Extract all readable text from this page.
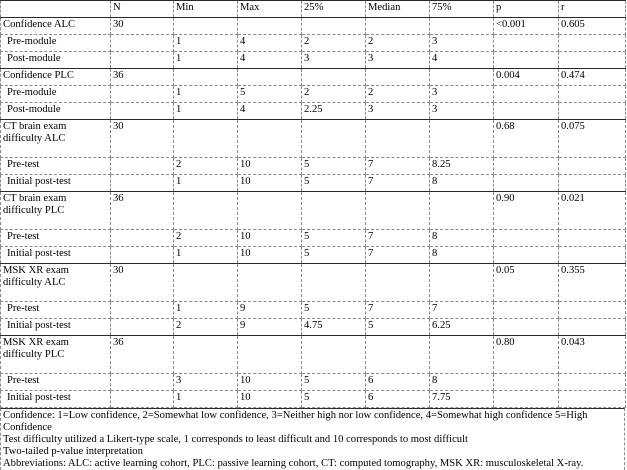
	N	Min	Max	25%	Median	75%	p	r
Confidence ALC	30						<0.001	0.605
Pre-module		1	4	2	2	3		
Post-module		1	4	3	3	4		
Confidence PLC	36						0.004	0.474
Pre-module		1	5	2	2	3		
Post-module		1	4	2.25	3	3		
CT brain exam difficulty ALC	30						0.68	0.075
Pre-test		2	10	5	7	8.25		
Initial post-test		1	10	5	7	8		
CT brain exam difficulty PLC	36						0.90	0.021
Pre-test		2	10	5	7	8		
Initial post-test		1	10	5	7	8		
MSK XR exam difficulty ALC	30						0.05	0.355
Pre-test		1	9	5	7	7		
Initial post-test		2	9	4.75	5	6.25		
MSK XR exam difficulty PLC	36						0.80	0.043
Pre-test		3	10	5	6	8		
Initial post-test		1	10	5	6	7.75		

Confidence: 1=Low confidence, 2=Somewhat low confidence, 3=Neither high nor low confidence, 4=Somewhat high confidence 5=High Confidence

Test difficulty utilized a Likert-type scale, 1 corresponds to least difficult and 10 corresponds to most difficult

Two-tailed p-value interpretation

Abbreviations: ALC: active learning cohort, PLC: passive learning cohort, CT: computed tomography, MSK XR: musculoskeletal X-ray.
